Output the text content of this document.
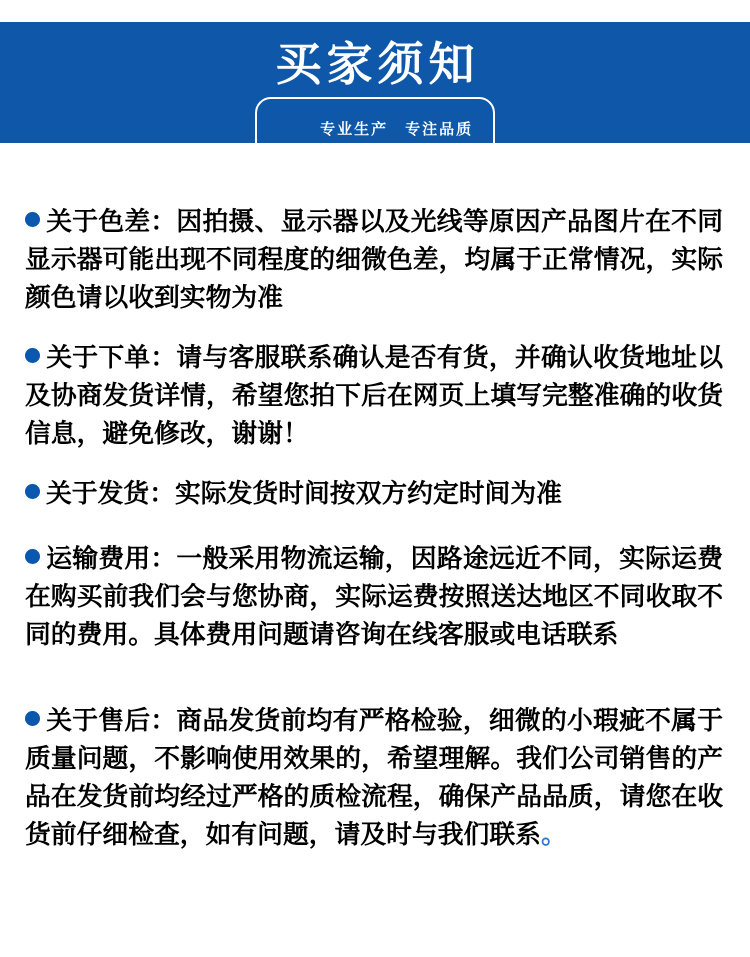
买家须知

专业生产　专注品质

关于色差：因拍摄、显示器以及光线等原因产品图片在不同显示器可能出现不同程度的细微色差，均属于正常情况，实际颜色请以收到实物为准

关于下单：请与客服联系确认是否有货，并确认收货地址以及协商发货详情，希望您拍下后在网页上填写完整准确的收货信息，避免修改，谢谢！

关于发货：实际发货时间按双方约定时间为准

运输费用：一般采用物流运输，因路途远近不同，实际运费在购买前我们会与您协商，实际运费按照送达地区不同收取不同的费用。具体费用问题请咨询在线客服或电话联系

关于售后：商品发货前均有严格检验，细微的小瑕疵不属于质量问题，不影响使用效果的，希望理解。我们公司销售的产品在发货前均经过严格的质检流程，确保产品品质，请您在收货前仔细检查，如有问题，请及时与我们联系。
